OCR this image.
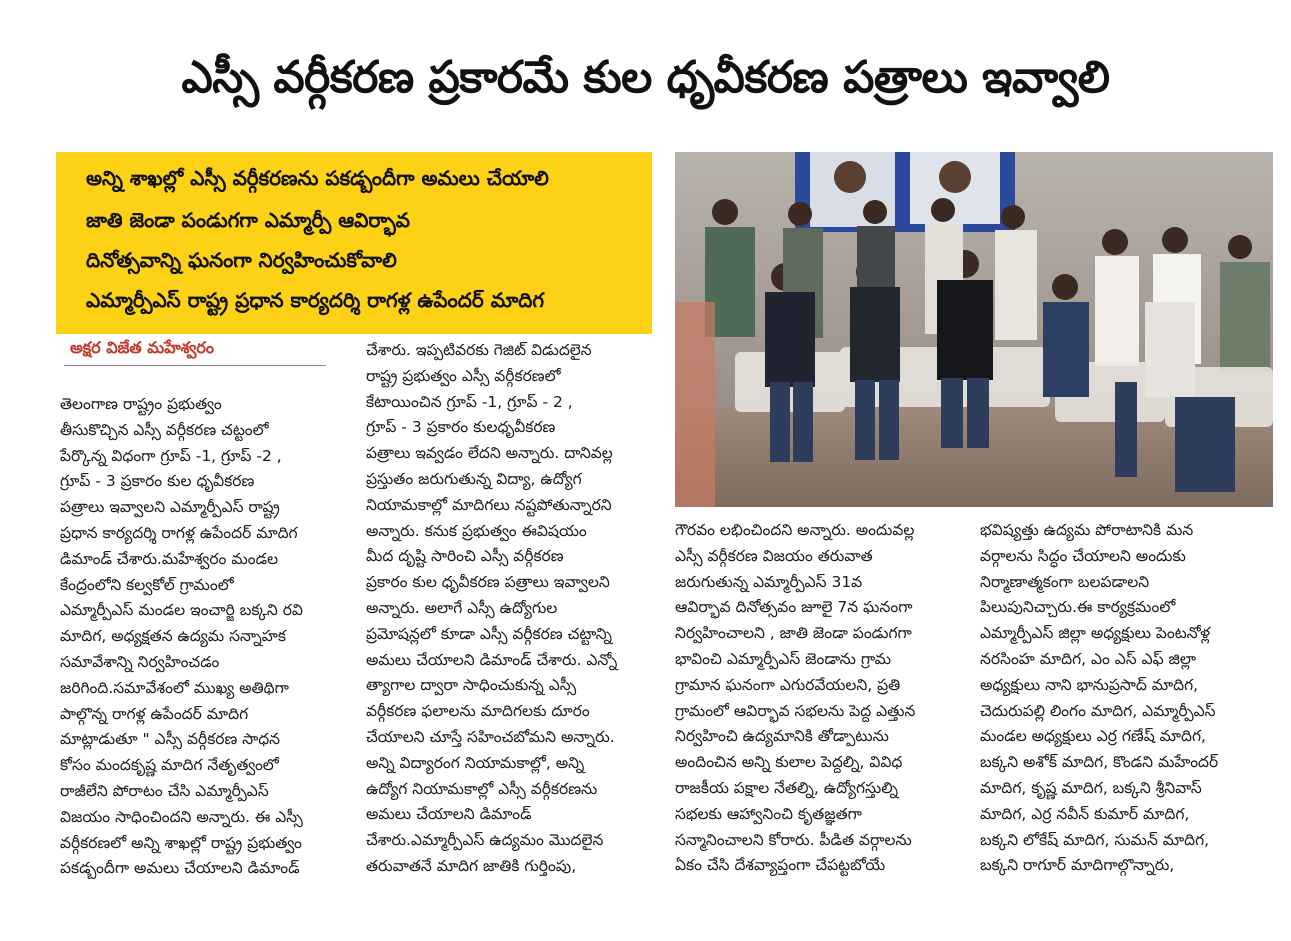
ఎస్సీ వర్గీకరణ ప్రకారమే కుల ధృవీకరణ పత్రాలు ఇవ్వాలి
అన్ని శాఖల్లో ఎస్సీ వర్గీకరణను పకడ్బందీగా అమలు చేయాలి
జాతి జెండా పండుగగా ఎమ్మార్పీ ఆవిర్భావ
దినోత్సవాన్ని ఘనంగా నిర్వహించుకోవాలి
ఎమ్మార్పీఎస్ రాష్ట్ర ప్రధాన కార్యదర్శి రాగళ్ల ఉపేందర్ మాదిగ
అక్షర విజేత మహేశ్వరం

తెలంగాణ రాష్ట్రం ప్రభుత్వం

తీసుకొచ్చిన ఎస్సీ వర్గీకరణ చట్టంలో

పేర్కొన్న విధంగా గ్రూప్ -1, గ్రూప్ -2 ,

గ్రూప్ - 3 ప్రకారం కుల ధృవీకరణ

పత్రాలు ఇవ్వాలని ఎమ్మార్పీఎస్ రాష్ట్ర

ప్రధాన కార్యదర్శి రాగళ్ల ఉపేందర్ మాదిగ

డిమాండ్ చేశారు.మహేశ్వరం మండల

కేంద్రంలోని కల్వకోల్ గ్రామంలో

ఎమ్మార్పీఎస్ మండల ఇంచార్జి బక్కని రవి

మాదిగ, అధ్యక్షతన ఉద్యమ సన్నాహక

సమావేశాన్ని నిర్వహించడం

జరిగింది.సమావేశంలో ముఖ్య అతిథిగా

పాల్గొన్న రాగళ్ల ఉపేందర్ మాదిగ

మాట్లాడుతూ " ఎస్సీ వర్గీకరణ సాధన

కోసం మందకృష్ణ మాదిగ నేతృత్వంలో

రాజీలేని పోరాటం చేసి ఎమ్మార్పీఎస్

విజయం సాధించిందని అన్నారు. ఈ ఎస్సీ

వర్గీకరణలో అన్ని శాఖల్లో రాష్ట్ర ప్రభుత్వం

పకడ్బందీగా అమలు చేయాలని డిమాండ్

చేశారు. ఇప్పటివరకు గెజిట్ విడుదలైన

రాష్ట్ర ప్రభుత్వం ఎస్సీ వర్గీకరణలో

కేటాయించిన గ్రూప్ -1, గ్రూప్ - 2 ,

గ్రూప్ - 3 ప్రకారం కులధృవీకరణ

పత్రాలు ఇవ్వడం లేదని అన్నారు. దానివల్ల

ప్రస్తుతం జరుగుతున్న విద్యా, ఉద్యోగ

నియామకాల్లో మాదిగలు నష్టపోతున్నారని

అన్నారు. కనుక ప్రభుత్వం ఈవిషయం

మీద దృష్టి సారించి ఎస్సీ వర్గీకరణ

ప్రకారం కుల ధృవీకరణ పత్రాలు ఇవ్వాలని

అన్నారు. అలాగే ఎస్సీ ఉద్యోగుల

ప్రమోషన్లలో కూడా ఎస్సీ వర్గీకరణ చట్టాన్ని

అమలు చేయాలని డిమాండ్ చేశారు. ఎన్నో

త్యాగాల ద్వారా సాధించుకున్న ఎస్సీ

వర్గీకరణ ఫలాలను మాదిగలకు దూరం

చేయాలని చూస్తే సహించబోమని అన్నారు.

అన్ని విద్యారంగ నియామకాల్లో, అన్ని

ఉద్యోగ నియామకాల్లో ఎస్సీ వర్గీకరణను

అమలు చేయాలని డిమాండ్

చేశారు.ఎమ్మార్పీఎస్ ఉద్యమం మొదలైన

తరువాతనే మాదిగ జాతికి గుర్తింపు,

గౌరవం లభించిందని అన్నారు. అందువల్ల

ఎస్సీ వర్గీకరణ విజయం తరువాత

జరుగుతున్న ఎమ్మార్పీఎస్ 31వ

ఆవిర్భావ దినోత్సవం జూలై 7న ఘనంగా

నిర్వహించాలని , జాతి జెండా పండుగగా

భావించి ఎమ్మార్పీఎస్ జెండాను గ్రామ

గ్రామాన ఘనంగా ఎగురవేయలని, ప్రతి

గ్రామంలో ఆవిర్భావ సభలను పెద్ద ఎత్తున

నిర్వహించి ఉద్యమానికి తోడ్పాటును

అందించిన అన్ని కులాల పెద్దల్ని, వివిధ

రాజకీయ పక్షాల నేతల్ని, ఉద్యోగస్తుల్ని

సభలకు ఆహ్వానించి కృతజ్ఞతగా

సన్మానించాలని కోరారు. పీడిత వర్గాలను

ఏకం చేసి దేశవ్యాప్తంగా చేపట్టబోయే

భవిష్యత్తు ఉద్యమ పోరాటానికి మన

వర్గాలను సిద్ధం చేయాలని అందుకు

నిర్మాణాత్మకంగా బలపడాలని

పిలుపునిచ్చారు.ఈ కార్యక్రమంలో

ఎమ్మార్పీఎస్ జిల్లా అధ్యక్షులు పెంటనోళ్ల

నరసింహ మాదిగ, ఎం ఎస్ ఎఫ్ జిల్లా

అధ్యక్షులు నాని భానుప్రసాద్ మాదిగ,

చెదురుపల్లి లింగం మాదిగ, ఎమ్మార్పీఎస్

మండల అధ్యక్షులు ఎర్ర గణేష్ మాదిగ,

బక్కని అశోక్ మాదిగ, కొండని మహేందర్

మాదిగ, కృష్ణ మాదిగ, బక్కని శ్రీనివాస్

మాదిగ, ఎర్ర నవీన్ కుమార్ మాదిగ,

బక్కని లోకేష్ మాదిగ, సుమన్ మాదిగ,

బక్కని రాగూర్ మాదిగాల్గొన్నారు,
